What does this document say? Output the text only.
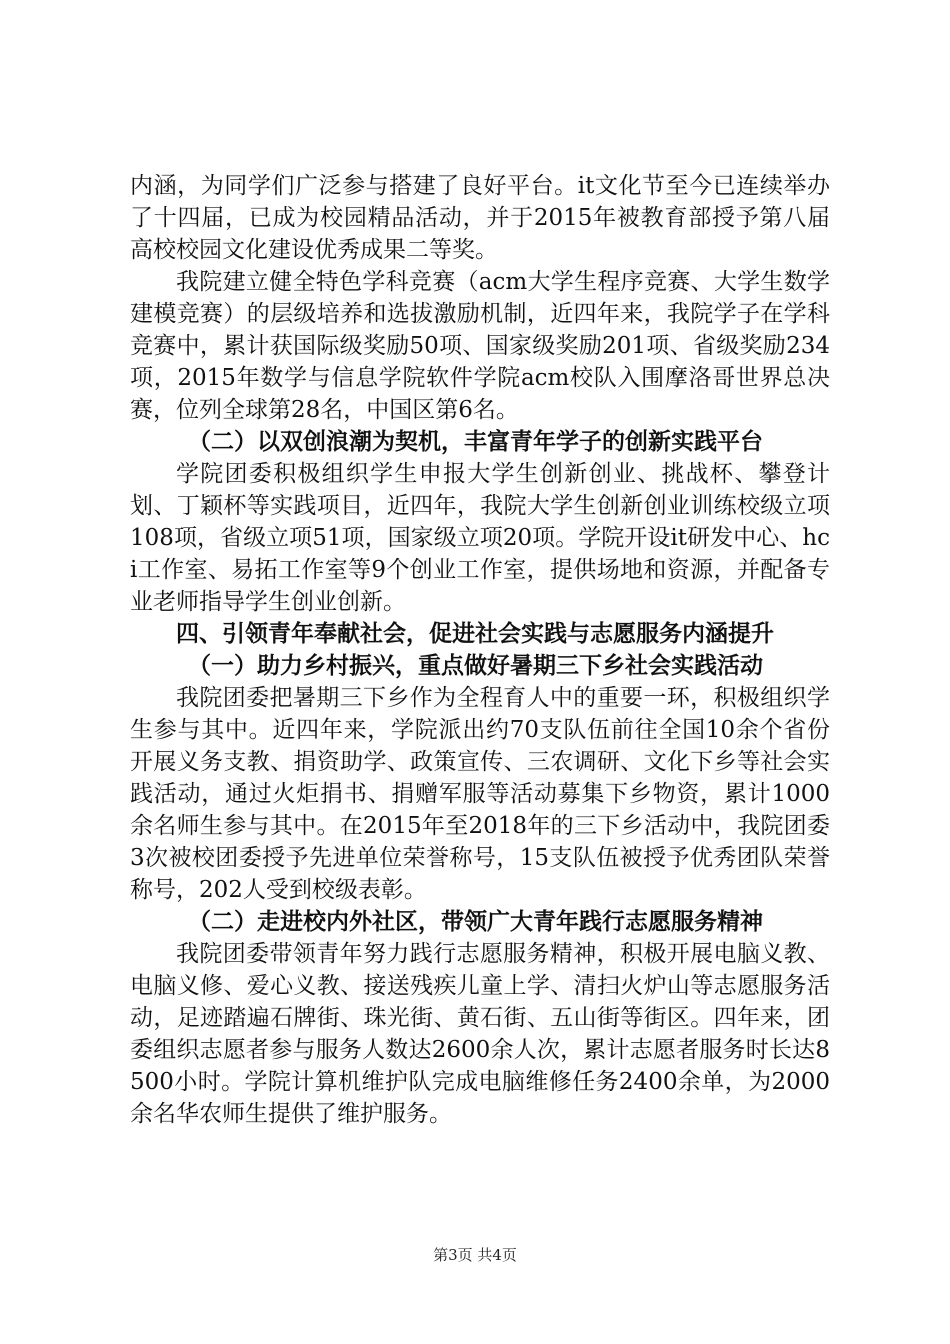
内涵，为同学们广泛参与搭建了良好平台。it文化节至今已连续举办了十四届，已成为校园精品活动，并于2015年被教育部授予第八届高校校园文化建设优秀成果二等奖。

我院建立健全特色学科竞赛（acm大学生程序竞赛、大学生数学建模竞赛）的层级培养和选拔激励机制，近四年来，我院学子在学科竞赛中，累计获国际级奖励50项、国家级奖励201项、省级奖励234项，2015年数学与信息学院软件学院acm校队入围摩洛哥世界总决赛，位列全球第28名，中国区第6名。

（二）以双创浪潮为契机，丰富青年学子的创新实践平台

学院团委积极组织学生申报大学生创新创业、挑战杯、攀登计划、丁颖杯等实践项目，近四年，我院大学生创新创业训练校级立项108项，省级立项51项，国家级立项20项。学院开设it研发中心、hci工作室、易拓工作室等9个创业工作室，提供场地和资源，并配备专业老师指导学生创业创新。

四、引领青年奉献社会，促进社会实践与志愿服务内涵提升

（一）助力乡村振兴，重点做好暑期三下乡社会实践活动

我院团委把暑期三下乡作为全程育人中的重要一环，积极组织学生参与其中。近四年来，学院派出约70支队伍前往全国10余个省份开展义务支教、捐资助学、政策宣传、三农调研、文化下乡等社会实践活动，通过火炬捐书、捐赠军服等活动募集下乡物资，累计1000余名师生参与其中。在2015年至2018年的三下乡活动中，我院团委3次被校团委授予先进单位荣誉称号，15支队伍被授予优秀团队荣誉称号，202人受到校级表彰。

（二）走进校内外社区，带领广大青年践行志愿服务精神

我院团委带领青年努力践行志愿服务精神，积极开展电脑义教、电脑义修、爱心义教、接送残疾儿童上学、清扫火炉山等志愿服务活动，足迹踏遍石牌街、珠光街、黄石街、五山街等街区。四年来，团委组织志愿者参与服务人数达2600余人次，累计志愿者服务时长达8500小时。学院计算机维护队完成电脑维修任务2400余单，为2000余名华农师生提供了维护服务。

第3页 共4页
